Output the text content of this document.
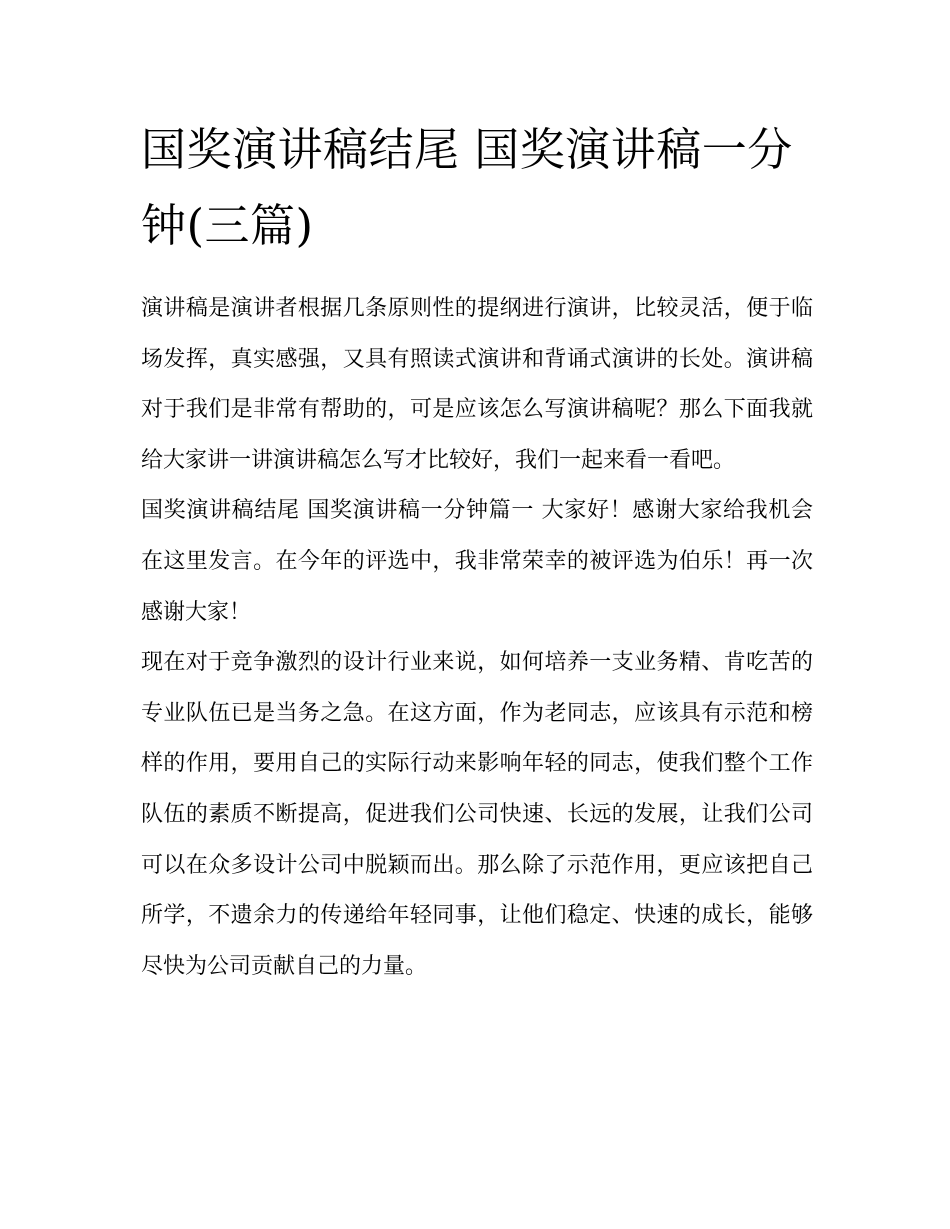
国奖演讲稿结尾 国奖演讲稿一分钟(三篇)

演讲稿是演讲者根据几条原则性的提纲进行演讲，比较灵活，便于临场发挥，真实感强，又具有照读式演讲和背诵式演讲的长处。演讲稿对于我们是非常有帮助的，可是应该怎么写演讲稿呢？那么下面我就给大家讲一讲演讲稿怎么写才比较好，我们一起来看一看吧。

国奖演讲稿结尾 国奖演讲稿一分钟篇一 大家好！感谢大家给我机会在这里发言。在今年的评选中，我非常荣幸的被评选为伯乐！再一次感谢大家！

现在对于竞争激烈的设计行业来说，如何培养一支业务精、肯吃苦的专业队伍已是当务之急。在这方面，作为老同志，应该具有示范和榜样的作用，要用自己的实际行动来影响年轻的同志，使我们整个工作队伍的素质不断提高，促进我们公司快速、长远的发展，让我们公司可以在众多设计公司中脱颖而出。那么除了示范作用，更应该把自己所学，不遗余力的传递给年轻同事，让他们稳定、快速的成长，能够尽快为公司贡献自己的力量。
